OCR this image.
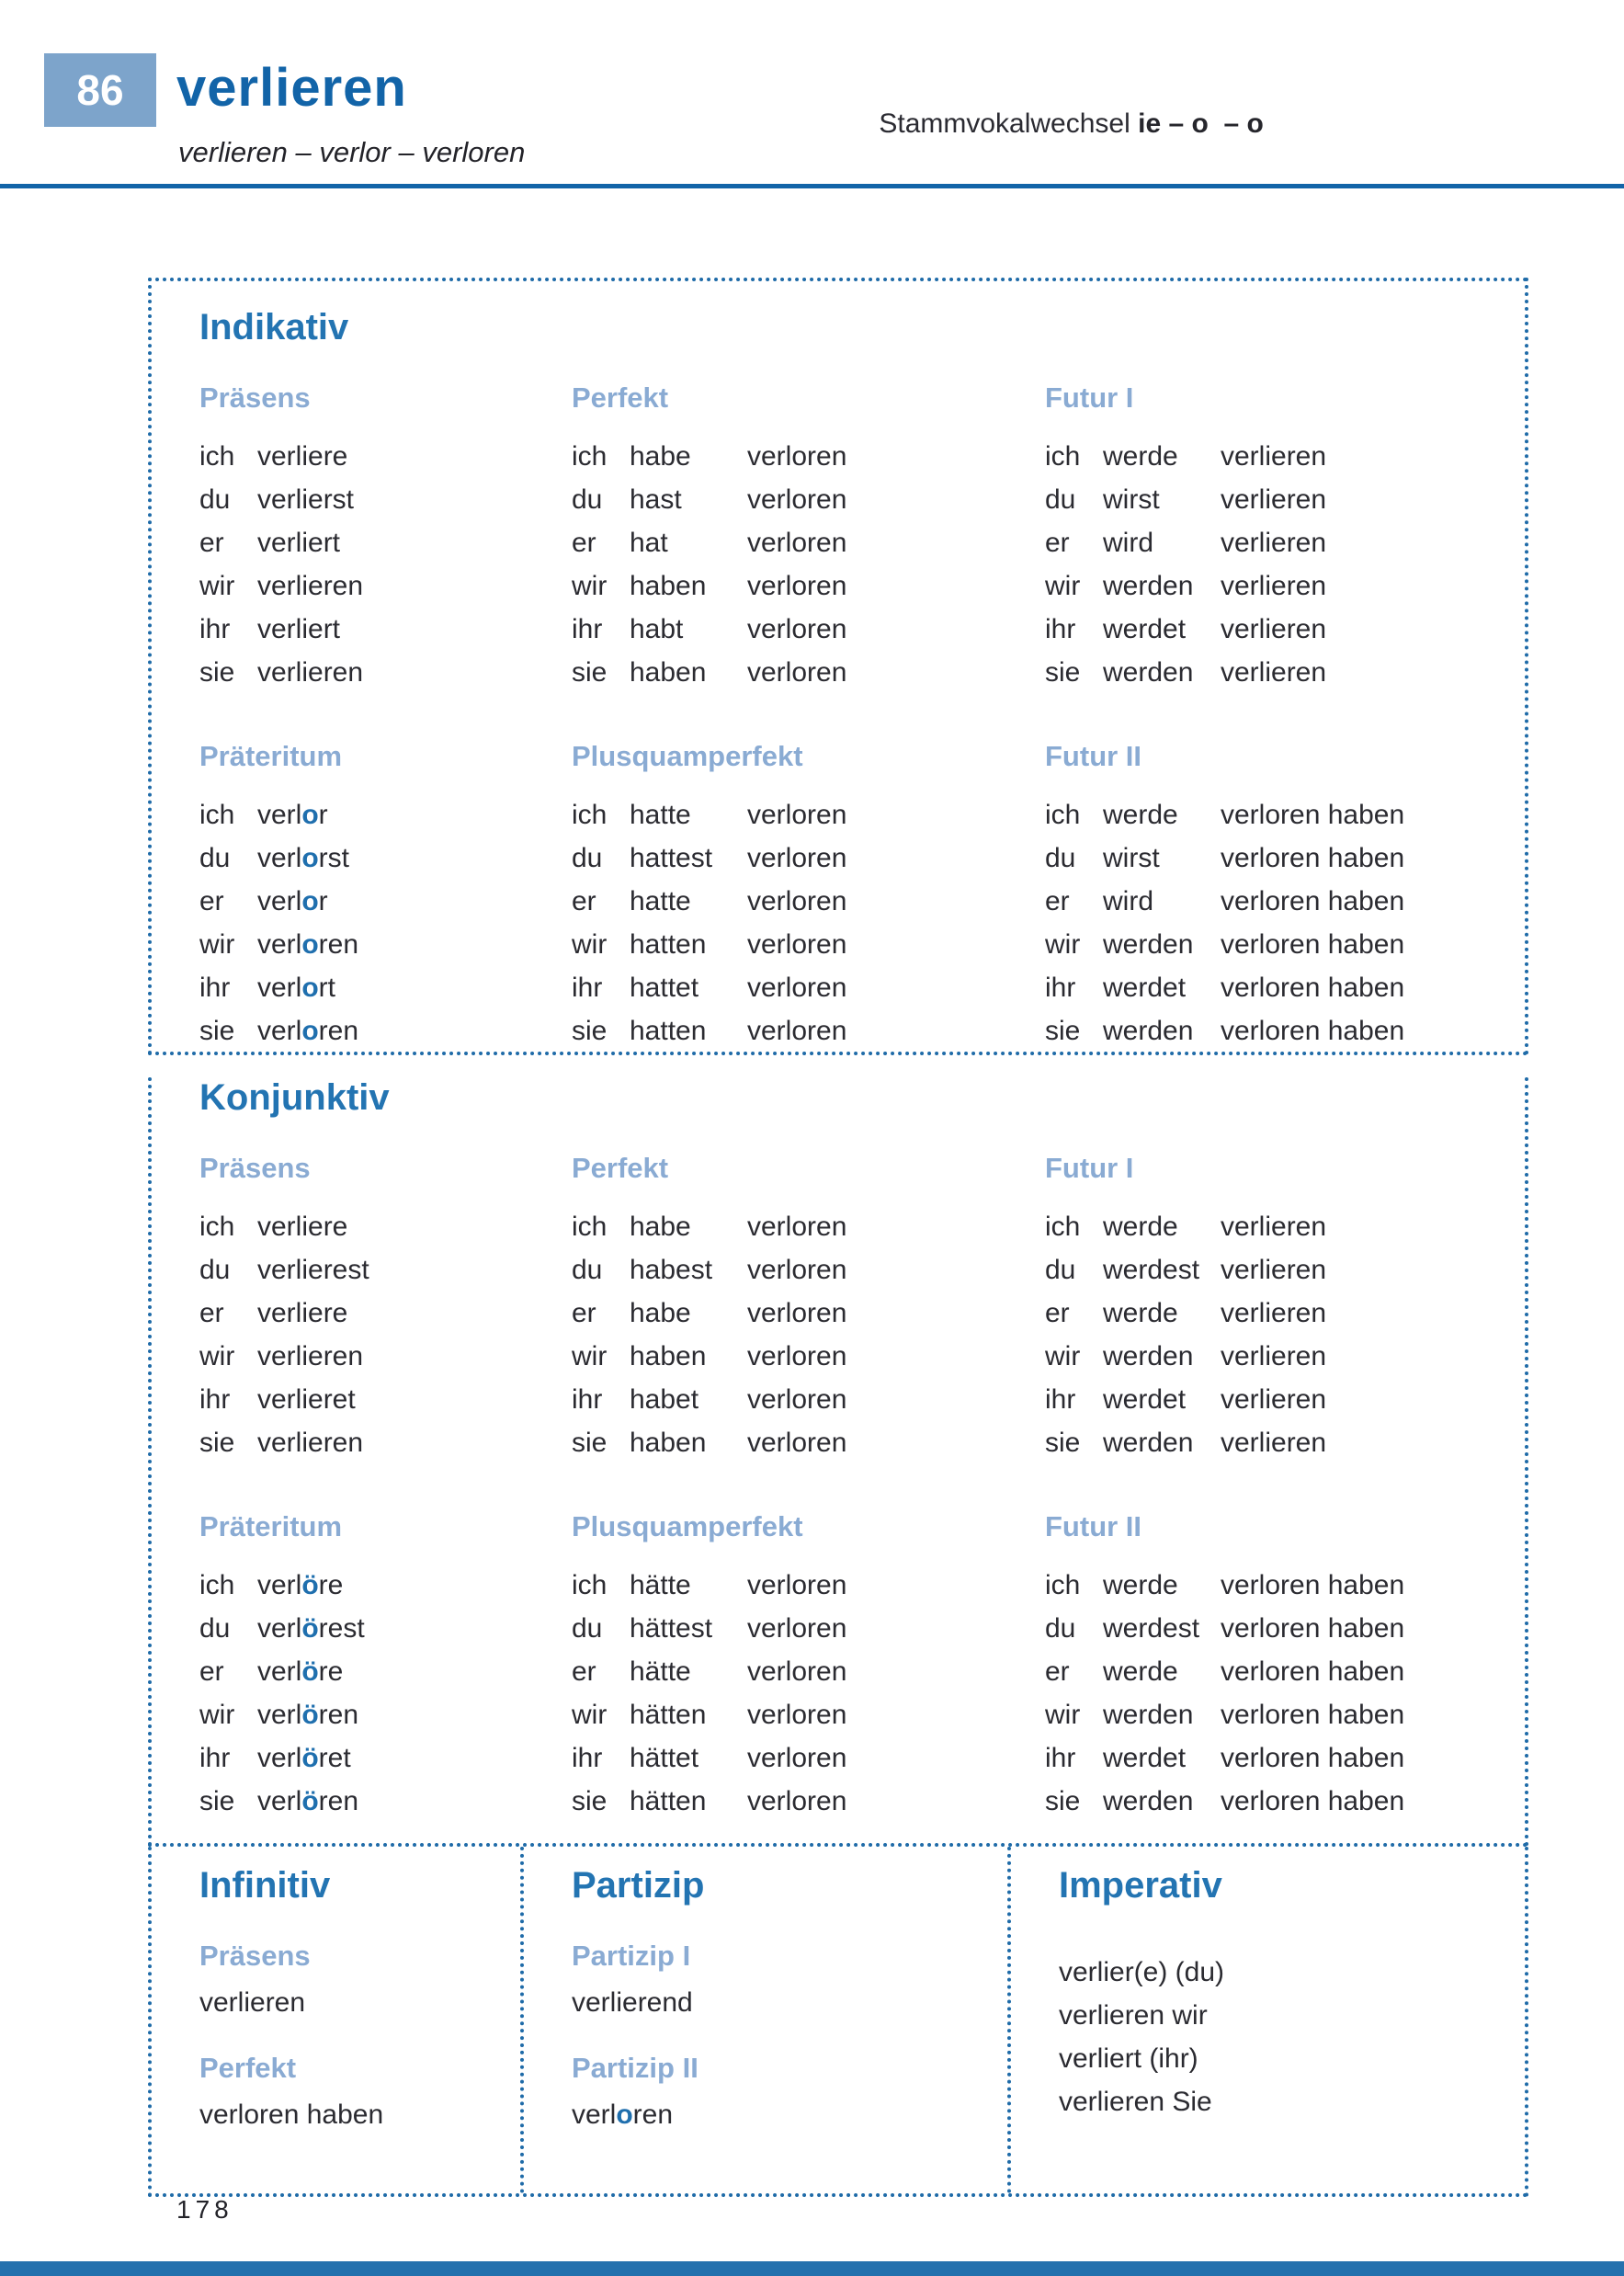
86 verlieren

Stammvokalwechsel ie – o  – o

verlieren – verlor – verloren
Indikativ
Präsens
ich verliere
du verlierst
er verliert
wir verlieren
ihr verliert
sie verlieren
Perfekt
ich habe verloren
du hast verloren
er hat	verloren
wir haben verloren
ihr habt verloren
sie haben verloren
Futur I
ich werde verlieren
du wirst verlieren
er wird verlieren
wir werden verlieren
ihr werdet verlieren
sie werden verlieren
Präteritum
ich verlor
du verlorst
er verlor
wir verloren
ihr verlort
sie verloren
Plusquamperfekt
ich hatte verloren
du hattest verloren
er hatte verloren
wir hatten verloren
ihr hattet verloren
sie hatten verloren
Futur II
ich werde verloren haben
du wirst verloren haben
er wird verloren haben
wir werden verloren haben
ihr werdet verloren haben
sie werden verloren haben
Konjunktiv
Präsens
ich verliere
du verlierest
er verliere
wir verlieren
ihr verlieret
sie verlieren
Perfekt
ich habe verloren
du habest verloren
er habe verloren
wir haben verloren
ihr habet verloren
sie haben verloren
Futur I
ich werde verlieren
du werdest verlieren
er werde verlieren
wir werden verlieren
ihr werdet verlieren
sie werden verlieren
Präteritum
ich verlöre
du verlörest
er verlöre
wir verlören
ihr verlöret
sie verlören
Plusquamperfekt
ich hätte verloren
du hättest verloren
er hätte verloren
wir hätten verloren
ihr hättet verloren
sie hätten verloren
Futur II
ich werde verloren haben
du werdest verloren haben
er werde verloren haben
wir werden verloren haben
ihr werdet verloren haben
sie werden verloren haben
Infinitiv
Präsens
verlieren
Perfekt
verloren haben
Partizip
Partizip I
verlierend
Partizip II
verloren
Imperativ
verlier(e) (du)
verlieren wir
verliert (ihr)
verlieren Sie
178
